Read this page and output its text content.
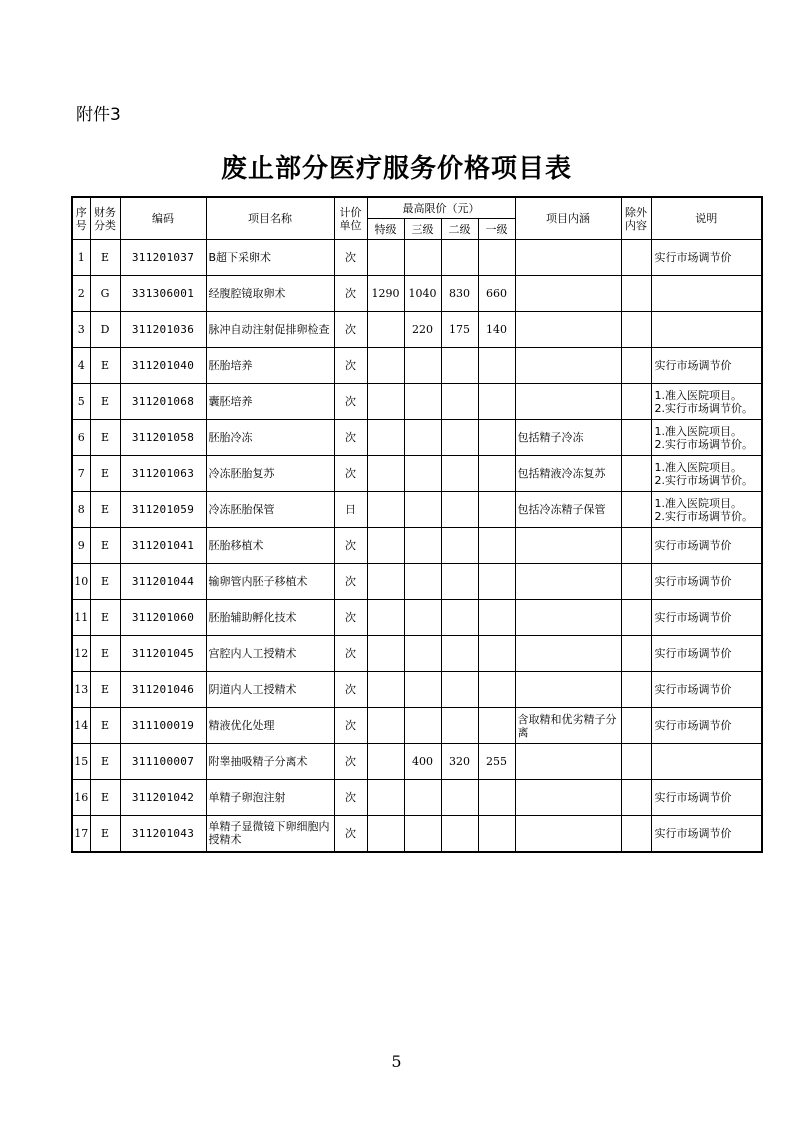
附件3
废止部分医疗服务价格项目表
序号	财务分类	编码	项目名称	计价单位	最高限价（元）				项目内涵	除外内容	说明
					特级	三级	二级	一级			
1	E	311201037	B超下采卵术	次							实行市场调节价
2	G	331306001	经腹腔镜取卵术	次	1290	1040	830	660			
3	D	311201036	脉冲自动注射促排卵检查	次		220	175	140			
4	E	311201040	胚胎培养	次							实行市场调节价
5	E	311201068	囊胚培养	次							1.准入医院项目。
2.实行市场调节价。
6	E	311201058	胚胎冷冻	次					包括精子冷冻		1.准入医院项目。
2.实行市场调节价。
7	E	311201063	冷冻胚胎复苏	次					包括精液冷冻复苏		1.准入医院项目。
2.实行市场调节价。
8	E	311201059	冷冻胚胎保管	日					包括冷冻精子保管		1.准入医院项目。
2.实行市场调节价。
9	E	311201041	胚胎移植术	次							实行市场调节价
10	E	311201044	输卵管内胚子移植术	次							实行市场调节价
11	E	311201060	胚胎辅助孵化技术	次							实行市场调节价
12	E	311201045	宫腔内人工授精术	次							实行市场调节价
13	E	311201046	阴道内人工授精术	次							实行市场调节价
14	E	311100019	精液优化处理	次					含取精和优劣精子分离		实行市场调节价
15	E	311100007	附睾抽吸精子分离术	次		400	320	255			
16	E	311201042	单精子卵泡注射	次							实行市场调节价
17	E	311201043	单精子显微镜下卵细胞内授精术	次							实行市场调节价
5
